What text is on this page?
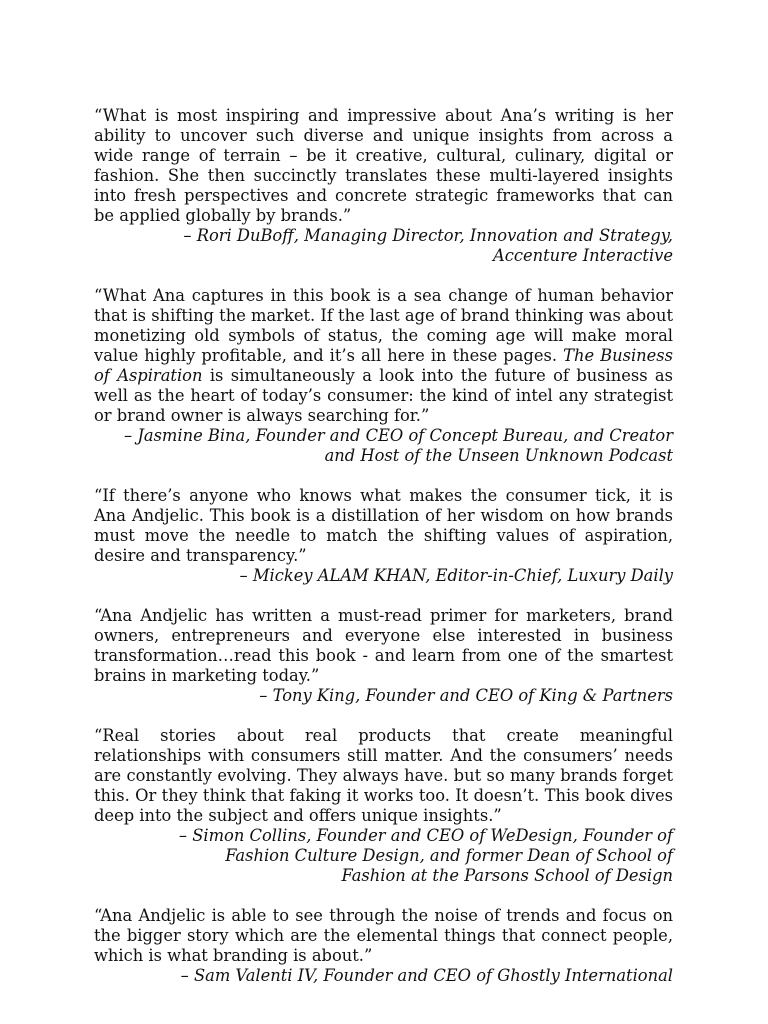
“What is most inspiring and impressive about Ana’s writing is her ability to uncover such diverse and unique insights from across a wide range of terrain – be it creative, cultural, culinary, digital or fashion. She then succinctly translates these multi-layered insights into fresh perspectives and concrete strategic frameworks that can be applied globally by brands.”

– Rori DuBoff, Managing Director, Innovation and Strategy,
Accenture Interactive

“What Ana captures in this book is a sea change of human behavior that is shifting the market. If the last age of brand thinking was about monetizing old symbols of status, the coming age will make moral value highly profitable, and it’s all here in these pages. The Business of Aspiration is simultaneously a look into the future of business as well as the heart of today’s consumer: the kind of intel any strategist or brand owner is always searching for.”

– Jasmine Bina, Founder and CEO of Concept Bureau, and Creator
and Host of the Unseen Unknown Podcast

“If there’s anyone who knows what makes the consumer tick, it is Ana Andjelic. This book is a distillation of her wisdom on how brands must move the needle to match the shifting values of aspiration, desire and transparency.”

– Mickey ALAM KHAN, Editor-in-Chief, Luxury Daily

“Ana Andjelic has written a must-read primer for marketers, brand owners, entrepreneurs and everyone else interested in business transformation…read this book - and learn from one of the smartest brains in marketing today.”

– Tony King, Founder and CEO of King & Partners

“Real stories about real products that create meaningful relationships with consumers still matter. And the consumers’ needs are constantly evolving. They always have. but so many brands forget this. Or they think that faking it works too. It doesn’t. This book dives deep into the subject and offers unique insights.”

– Simon Collins, Founder and CEO of WeDesign, Founder of
Fashion Culture Design, and former Dean of School of
Fashion at the Parsons School of Design

“Ana Andjelic is able to see through the noise of trends and focus on the bigger story which are the elemental things that connect people, which is what branding is about.”

– Sam Valenti IV, Founder and CEO of Ghostly International
